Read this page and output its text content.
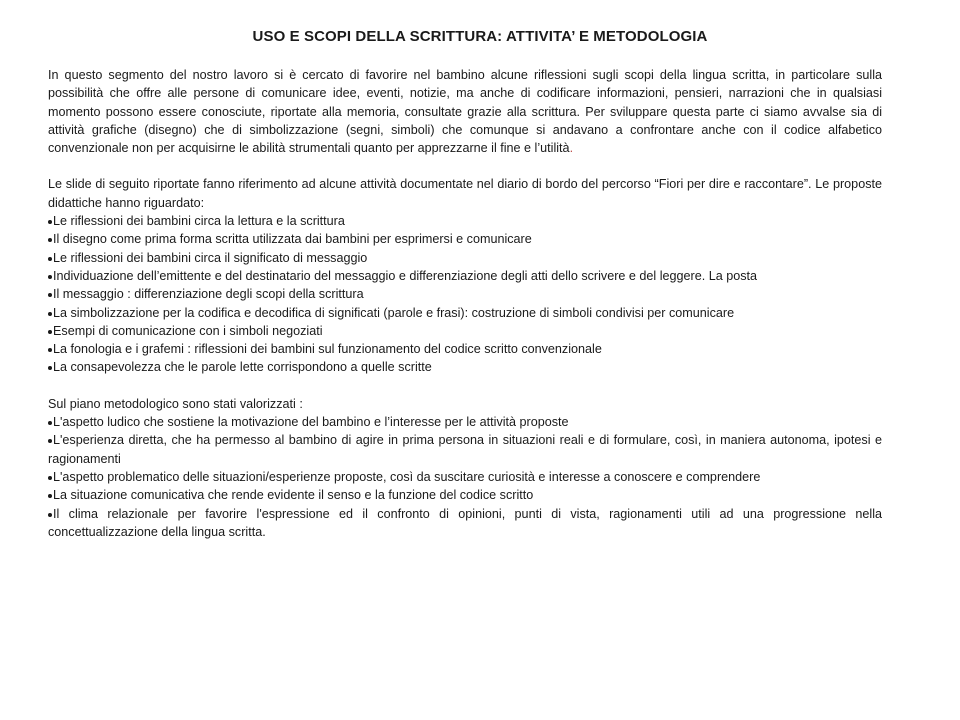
USO E SCOPI DELLA SCRITTURA: ATTIVITA’ E METODOLOGIA

In questo segmento del nostro lavoro si è cercato di favorire nel bambino alcune riflessioni sugli scopi della lingua scritta, in particolare sulla possibilità che offre alle persone di comunicare idee, eventi, notizie, ma anche di codificare informazioni, pensieri, narrazioni che in qualsiasi momento possono essere conosciute, riportate alla memoria, consultate grazie alla scrittura. Per sviluppare questa parte ci siamo avvalse sia di attività grafiche (disegno) che di simbolizzazione (segni, simboli) che comunque si andavano a confrontare anche con il codice alfabetico convenzionale non per acquisirne le abilità strumentali quanto per apprezzarne il fine e l’utilità.

Le slide di seguito riportate fanno riferimento ad alcune attività documentate nel diario di bordo del percorso “Fiori per dire e raccontare”. Le proposte didattiche hanno riguardato:

Le riflessioni dei bambini circa la lettura e la scrittura
Il disegno come prima forma scritta utilizzata dai bambini per esprimersi e comunicare
Le riflessioni dei bambini circa il significato di messaggio
Individuazione dell’emittente e del destinatario del messaggio e differenziazione degli atti dello scrivere e del leggere. La posta
Il messaggio : differenziazione degli scopi della scrittura
La simbolizzazione per la codifica e decodifica di significati (parole e frasi): costruzione di simboli condivisi per comunicare
Esempi di comunicazione con i simboli negoziati
La fonologia e i grafemi : riflessioni dei bambini sul funzionamento del codice scritto convenzionale
La consapevolezza che le parole lette corrispondono a quelle scritte

Sul piano metodologico sono stati valorizzati :

L'aspetto ludico che sostiene la motivazione del bambino e l’interesse per le attività proposte
L'esperienza diretta, che ha permesso al bambino di agire in prima persona in situazioni reali e di formulare, così, in maniera autonoma, ipotesi e ragionamenti
L'aspetto problematico delle situazioni/esperienze proposte, così da suscitare curiosità e interesse a conoscere e comprendere
La situazione comunicativa che rende evidente il senso e la funzione del codice scritto
Il clima relazionale per favorire l'espressione ed il confronto di opinioni, punti di vista, ragionamenti utili ad una progressione nella concettualizzazione della lingua scritta.
